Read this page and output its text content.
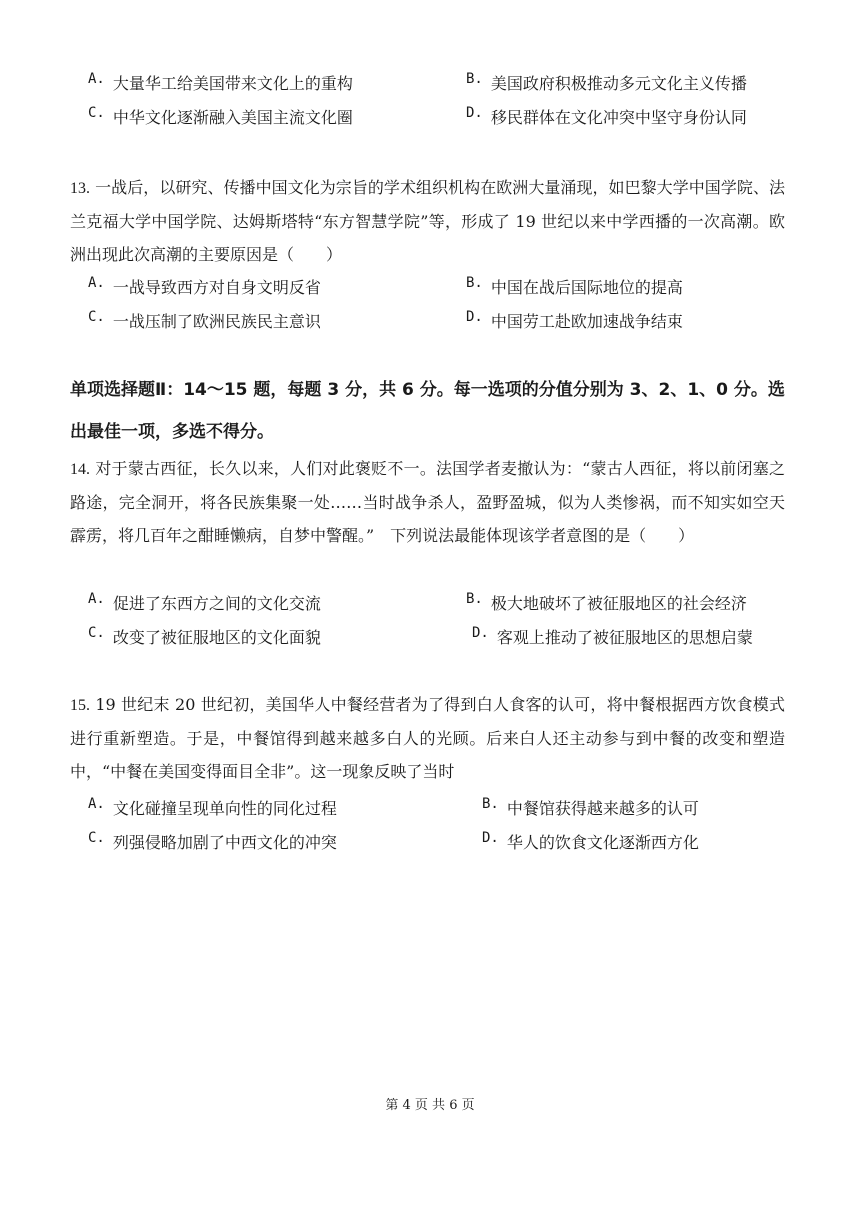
A. 大量华工给美国带来文化上的重构	B. 美国政府积极推动多元文化主义传播
C. 中华文化逐渐融入美国主流文化圈	D. 移民群体在文化冲突中坚守身份认同
13. 一战后，以研究、传播中国文化为宗旨的学术组织机构在欧洲大量涌现，如巴黎大学中国学院、法兰克福大学中国学院、达姆斯塔特“东方智慧学院”等，形成了 19 世纪以来中学西播的一次高潮。欧洲出现此次高潮的主要原因是（　　）
A. 一战导致西方对自身文明反省	B. 中国在战后国际地位的提高
C. 一战压制了欧洲民族民主意识	D. 中国劳工赴欧加速战争结束
单项选择题Ⅱ：14～15 题，每题 3 分，共 6 分。每一选项的分值分别为 3、2、1、0 分。选出最佳一项，多选不得分。
14. 对于蒙古西征，长久以来，人们对此褒贬不一。法国学者麦撤认为：“蒙古人西征，将以前闭塞之路途，完全洞开，将各民族集聚一处……当时战争杀人，盈野盈城，似为人类惨祸，而不知实如空天霹雳，将几百年之酣睡懒病，自梦中警醒。”　下列说法最能体现该学者意图的是（　　）
A. 促进了东西方之间的文化交流	B. 极大地破坏了被征服地区的社会经济
C. 改变了被征服地区的文化面貌	D. 客观上推动了被征服地区的思想启蒙
15. 19 世纪末 20 世纪初，美国华人中餐经营者为了得到白人食客的认可，将中餐根据西方饮食模式进行重新塑造。于是，中餐馆得到越来越多白人的光顾。后来白人还主动参与到中餐的改变和塑造中，“中餐在美国变得面目全非”。这一现象反映了当时
A. 文化碰撞呈现单向性的同化过程	B. 中餐馆获得越来越多的认可
C. 列强侵略加剧了中西文化的冲突	D. 华人的饮食文化逐渐西方化
第 4 页 共 6 页
